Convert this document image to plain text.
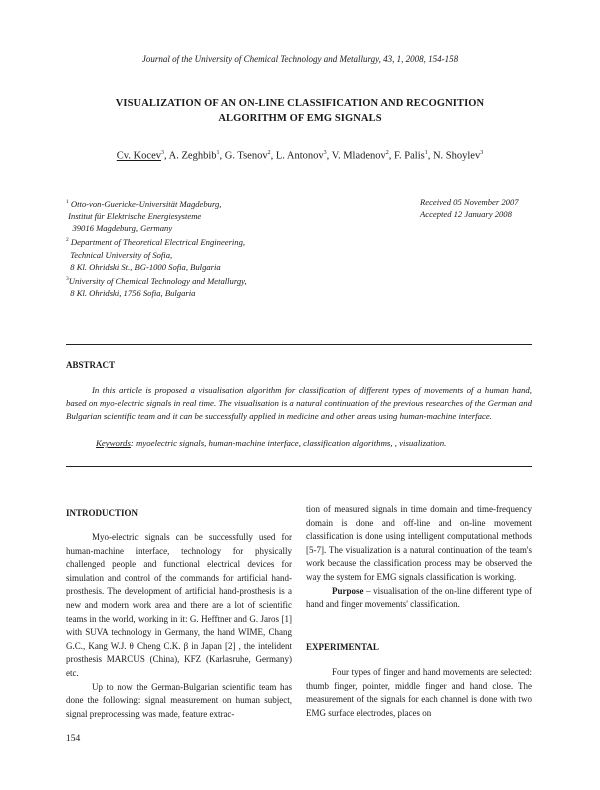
Journal of the University of Chemical Technology and Metallurgy, 43, 1, 2008, 154-158
VISUALIZATION OF AN ON-LINE CLASSIFICATION AND RECOGNITION
ALGORITHM OF EMG SIGNALS
Cv. Kocev$^3$, A. Zeghbib$^1$, G. Tsenov$^2$, L. Antonov$^3$, V. Mladenov$^2$, F. Palis$^1$, N. Shoylev$^3$
$^1$ Otto-von-Guericke-Universität Magdeburg,
Institut für Elektrische Energiesysteme
39016 Magdeburg, Germany
$^2$ Department of Theoretical Electrical Engineering,
Technical University of Sofia,
8 Kl. Ohridski St., BG-1000 Sofia, Bulgaria
$^3$University of Chemical Technology and Metallurgy,
8 Kl. Ohridski, 1756 Sofia, Bulgaria
Received 05 November 2007
Accepted 12 January 2008
ABSTRACT

In this article is proposed a visualisation algorithm for classification of different types of movements of a human hand, based on myo-electric signals in real time. The visualisation is a natural continuation of the previous researches of the German and Bulgarian scientific team and it can be successfully applied in medicine and other areas using human-machine interface.

Keywords: myoelectric signals, human-machine interface, classification algorithms, , visualization.
INTRODUCTION

Myo-electric signals can be successfully used for human-machine interface, technology for physically challenged people and functional electrical devices for simulation and control of the commands for artificial hand-prosthesis. The development of artificial hand-prosthesis is a new and modern work area and there are a lot of scientific teams in the world, working in it: G. Hefftner and G. Jaros [1] with SUVA technology in Germany, the hand WIME, Chang G.C., Kang W.J. θ Cheng C.K. β in Japan [2] , the intelident prosthesis MARCUS (China), KFZ (Karlasruhe, Germany) etc.

Up to now the German-Bulgarian scientific team has done the following: signal measurement on human subject, signal preprocessing was made, feature extrac-

tion of measured signals in time domain and time-frequency domain is done and off-line and on-line movement classification is done using intelligent computational methods [5-7]. The visualization is a natural continuation of the team's work because the classification process may be observed the way the system for EMG signals classification is working.

Purpose – visualisation of the on-line different type of hand and finger movements' classification.

EXPERIMENTAL

Four types of finger and hand movements are selected: thumb finger, pointer, middle finger and hand close. The measurement of the signals for each channel is done with two EMG surface electrodes, places on

154
